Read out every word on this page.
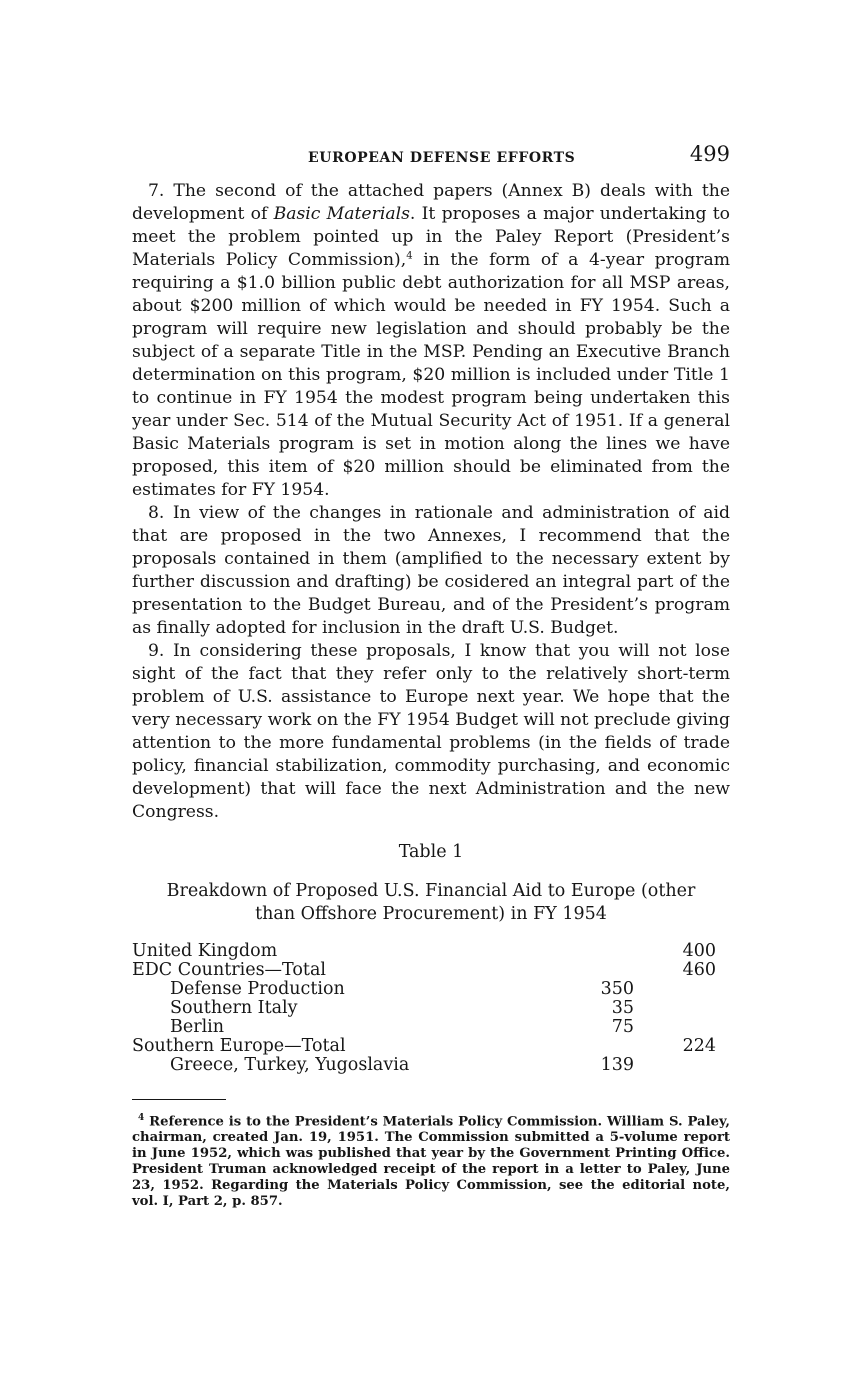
EUROPEAN DEFENSE EFFORTS	499

7. The second of the attached papers (Annex B) deals with the development of Basic Materials. It proposes a major undertaking to meet the problem pointed up in the Paley Report (President’s Materials Policy Commission),$^4$ in the form of a 4-year program requiring a $1.0 billion public debt authorization for all MSP areas, about $200 million of which would be needed in FY 1954. Such a program will require new legislation and should probably be the subject of a separate Title in the MSP. Pending an Executive Branch determination on this program, $20 million is included under Title 1 to continue in FY 1954 the modest program being undertaken this year under Sec. 514 of the Mutual Security Act of 1951. If a general Basic Materials program is set in motion along the lines we have proposed, this item of $20 million should be eliminated from the estimates for FY 1954.

8. In view of the changes in rationale and administration of aid that are proposed in the two Annexes, I recommend that the proposals contained in them (amplified to the necessary extent by further discussion and drafting) be cosidered an integral part of the presentation to the Budget Bureau, and of the President’s program as finally adopted for inclusion in the draft U.S. Budget.

9. In considering these proposals, I know that you will not lose sight of the fact that they refer only to the relatively short-term problem of U.S. assistance to Europe next year. We hope that the very necessary work on the FY 1954 Budget will not preclude giving attention to the more fundamental problems (in the fields of trade policy, financial stabilization, commodity purchasing, and economic development) that will face the next Administration and the new Congress.

Table 1
Breakdown of Proposed U.S. Financial Aid to Europe (other than Offshore Procurement) in FY 1954
United Kingdom			400
EDC Countries—Total			460
Defense Production	350		
Southern Italy	35		
Berlin	75		
Southern Europe—Total			224
Greece, Turkey, Yugoslavia	139		

$^4$ Reference is to the President’s Materials Policy Commission. William S. Paley, chairman, created Jan. 19, 1951. The Commission submitted a 5-volume report in June 1952, which was published that year by the Government Printing Office. President Truman acknowledged receipt of the report in a letter to Paley, June 23, 1952. Regarding the Materials Policy Commission, see the editorial note, vol. I, Part 2, p. 857.
